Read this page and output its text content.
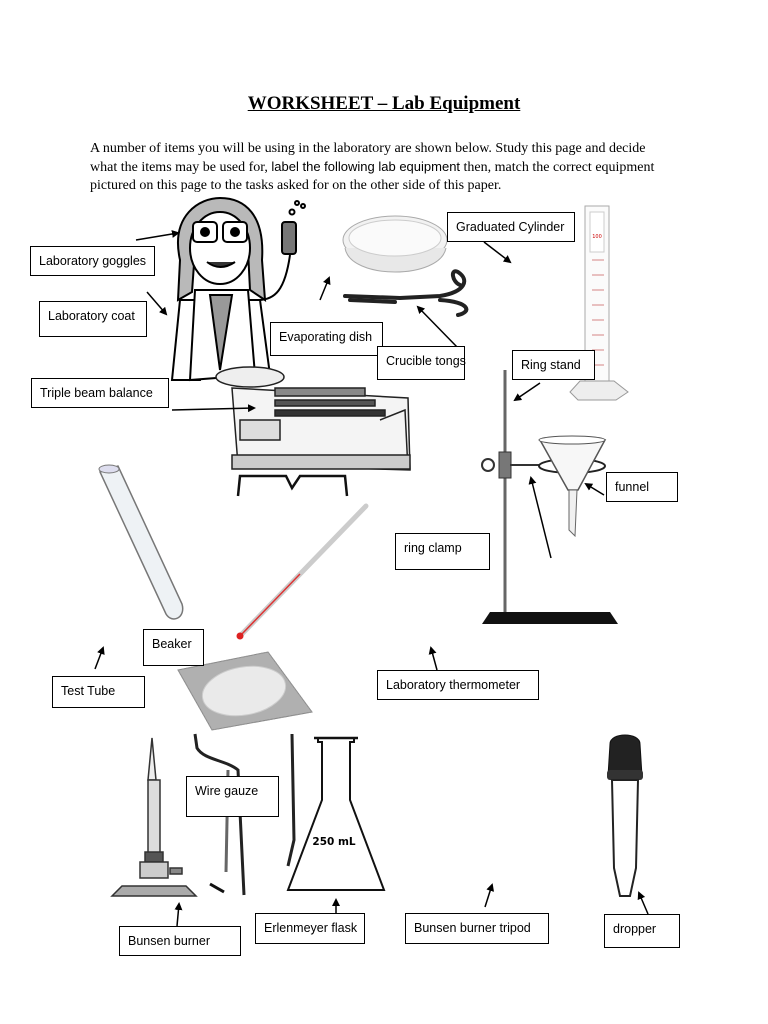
WORKSHEET – Lab Equipment
A number of items you will be using in the laboratory are shown below. Study this page and decide what the items may be used for, label the following lab equipment then, match the correct equipment pictured on this page to the tasks asked for on the other side of this paper.
100
250 mL
Laboratory goggles
Laboratory coat
Triple beam balance
Evaporating dish
Crucible tongs
Graduated Cylinder
Ring stand
funnel
ring clamp
Beaker
Test Tube	Laboratory thermometer
Wire gauze
Bunsen burner
Erlenmeyer flask	Bunsen burner tripod	dropper
